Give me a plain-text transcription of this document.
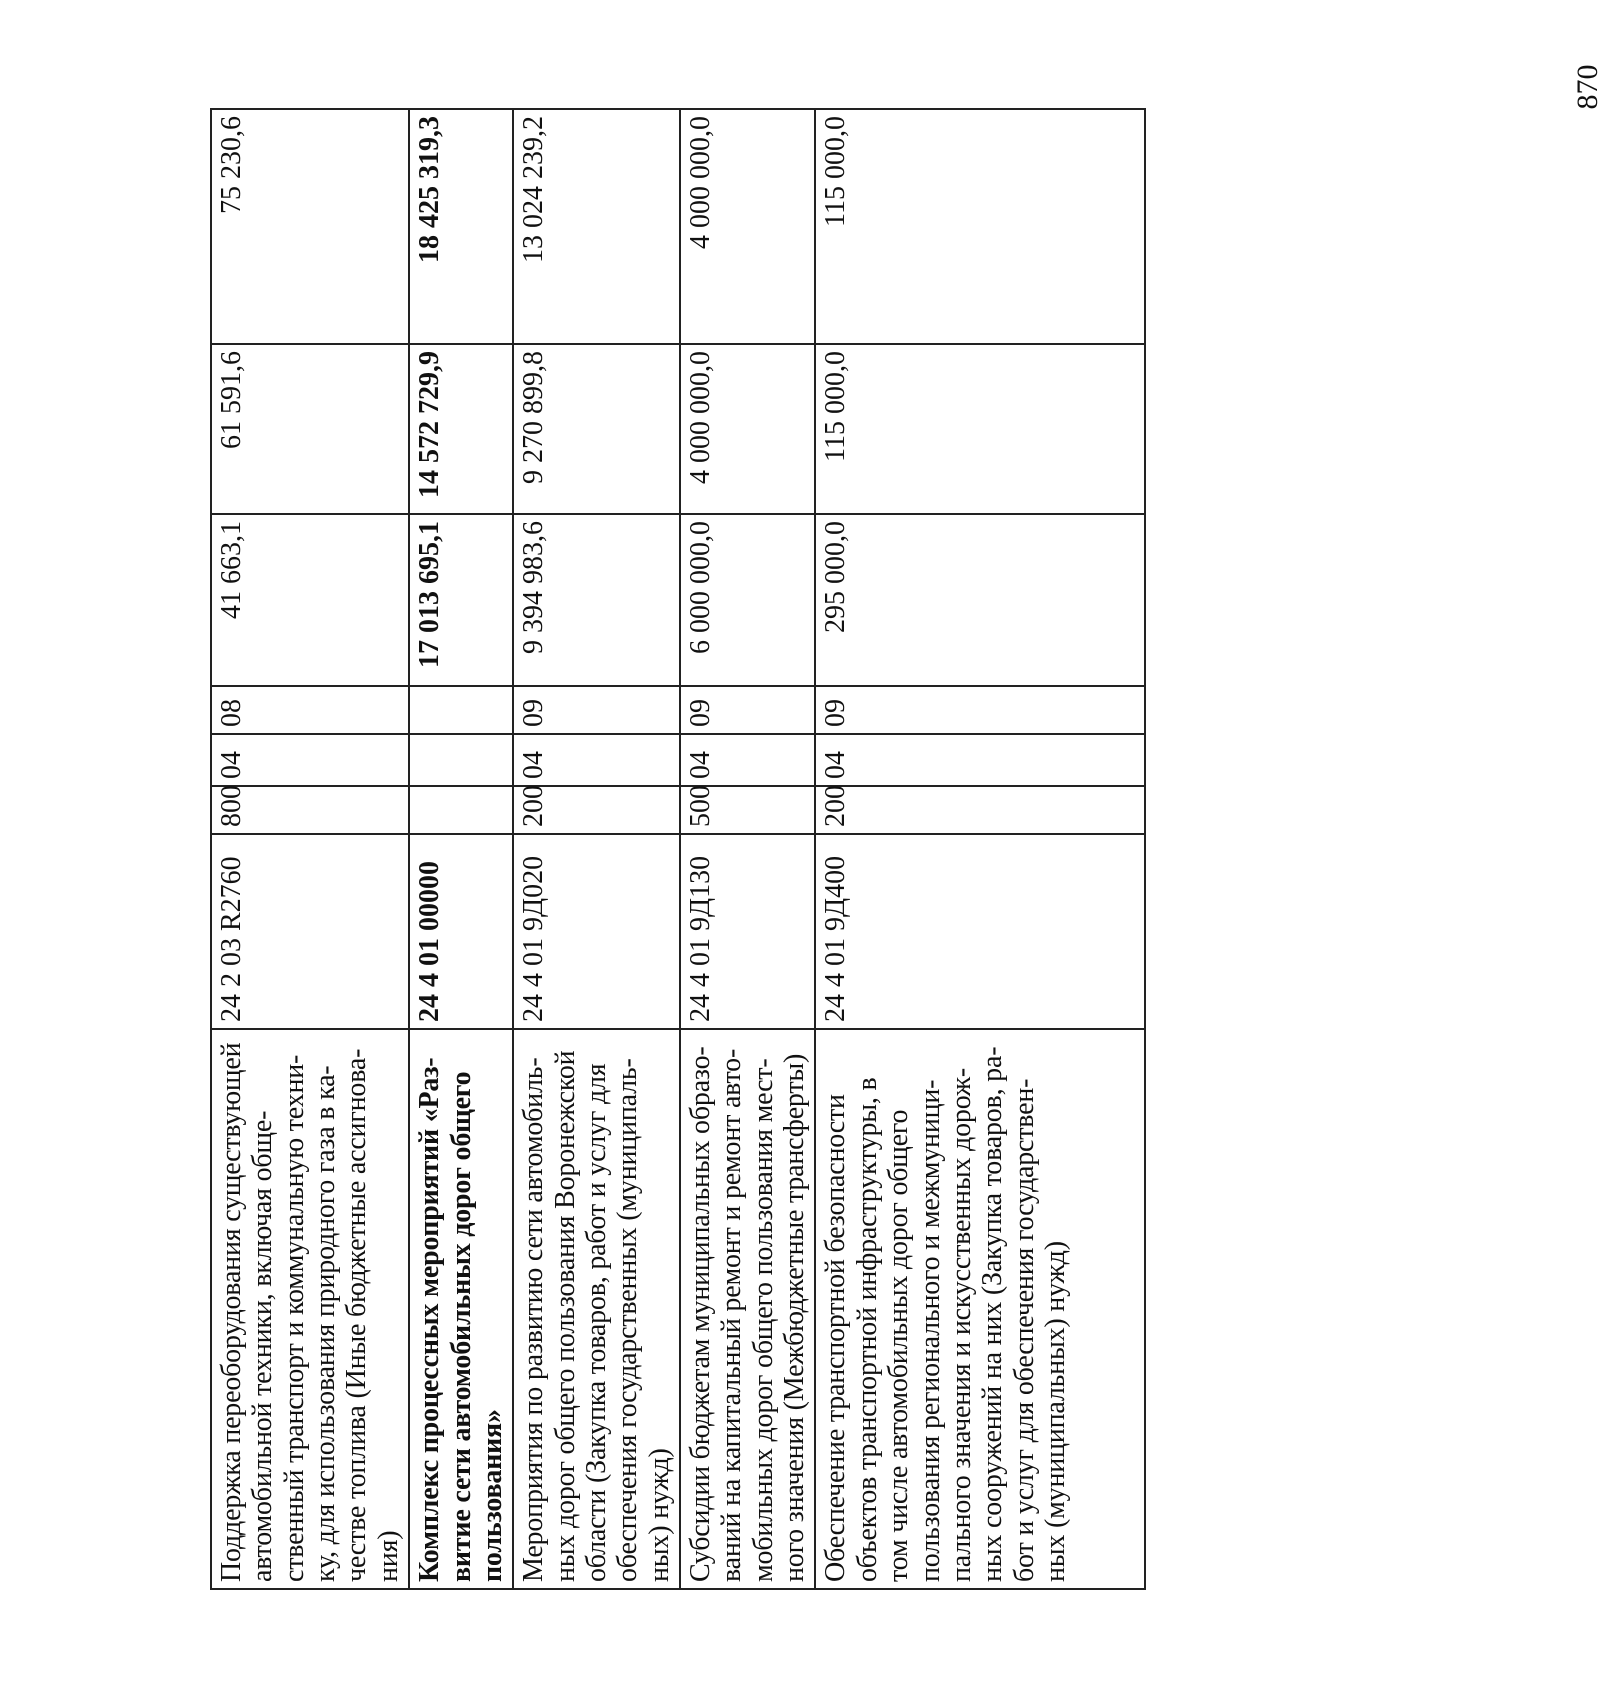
870
Поддержка переоборудования существующей автомобильной техники, включая обще- ственный транспорт и коммунальную техни- ку, для использования природного газа в ка- честве топлива (Иные бюджетные ассигнова- ния)	24 2 03 R2760	800	04	08	41 663,1	61 591,6	75 230,6
Комплекс процессных мероприятий «Раз- витие сети автомобильных дорог общего пользования»	24 4 01 00000				17 013 695,1	14 572 729,9	18 425 319,3
Мероприятия по развитию сети автомобиль- ных дорог общего пользования Воронежской области (Закупка товаров, работ и услуг для обеспечения государственных (муниципаль- ных) нужд)	24 4 01 9Д020	200	04	09	9 394 983,6	9 270 899,8	13 024 239,2
Субсидии бюджетам муниципальных образо- ваний на капитальный ремонт и ремонт авто- мобильных дорог общего пользования мест- ного значения (Межбюджетные трансферты)	24 4 01 9Д130	500	04	09	6 000 000,0	4 000 000,0	4 000 000,0
Обеспечение транспортной безопасности объектов транспортной инфраструктуры, в том числе автомобильных дорог общего пользования регионального и межмуници- пального значения и искусственных дорож- ных сооружений на них (Закупка товаров, ра- бот и услуг для обеспечения государствен- ных (муниципальных) нужд)	24 4 01 9Д400	200	04	09	295 000,0	115 000,0	115 000,0
